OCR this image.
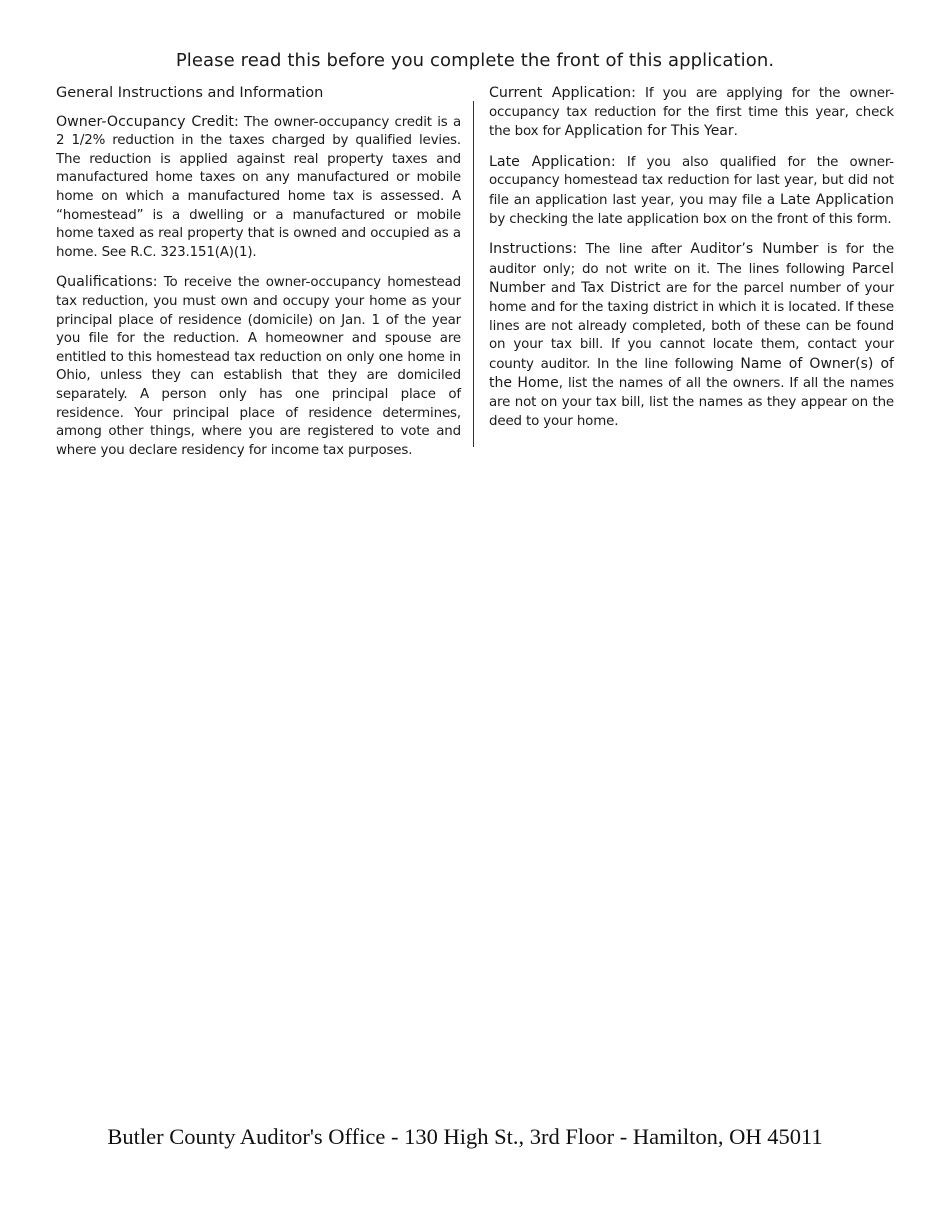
Please read this before you complete the front of this application.
General Instructions and Information

Owner-Occupancy Credit: The owner-occupancy credit is a 2 1/2% reduction in the taxes charged by qualified levies. The reduction is applied against real property taxes and manufactured home taxes on any manufactured or mobile home on which a manufactured home tax is assessed. A “homestead” is a dwelling or a manufactured or mobile home taxed as real property that is owned and occupied as a home. See R.C. 323.151(A)(1).

Qualifications: To receive the owner-occupancy homestead tax reduction, you must own and occupy your home as your principal place of residence (domicile) on Jan. 1 of the year you file for the reduction. A homeowner and spouse are entitled to this homestead tax reduction on only one home in Ohio, unless they can establish that they are domiciled separately. A person only has one principal place of residence. Your principal place of residence determines, among other things, where you are registered to vote and where you declare residency for income tax purposes.

Current Application: If you are applying for the owner-occupancy tax reduction for the first time this year, check the box for Application for This Year.

Late Application: If you also qualified for the owner-occupancy homestead tax reduction for last year, but did not file an application last year, you may file a Late Application by checking the late application box on the front of this form.

Instructions: The line after Auditor’s Number is for the auditor only; do not write on it. The lines following Parcel Number and Tax District are for the parcel number of your home and for the taxing district in which it is located. If these lines are not already completed, both of these can be found on your tax bill. If you cannot locate them, contact your county auditor. In the line following Name of Owner(s) of the Home, list the names of all the owners. If all the names are not on your tax bill, list the names as they appear on the deed to your home.

Butler County Auditor's Office - 130 High St., 3rd Floor - Hamilton, OH 45011
